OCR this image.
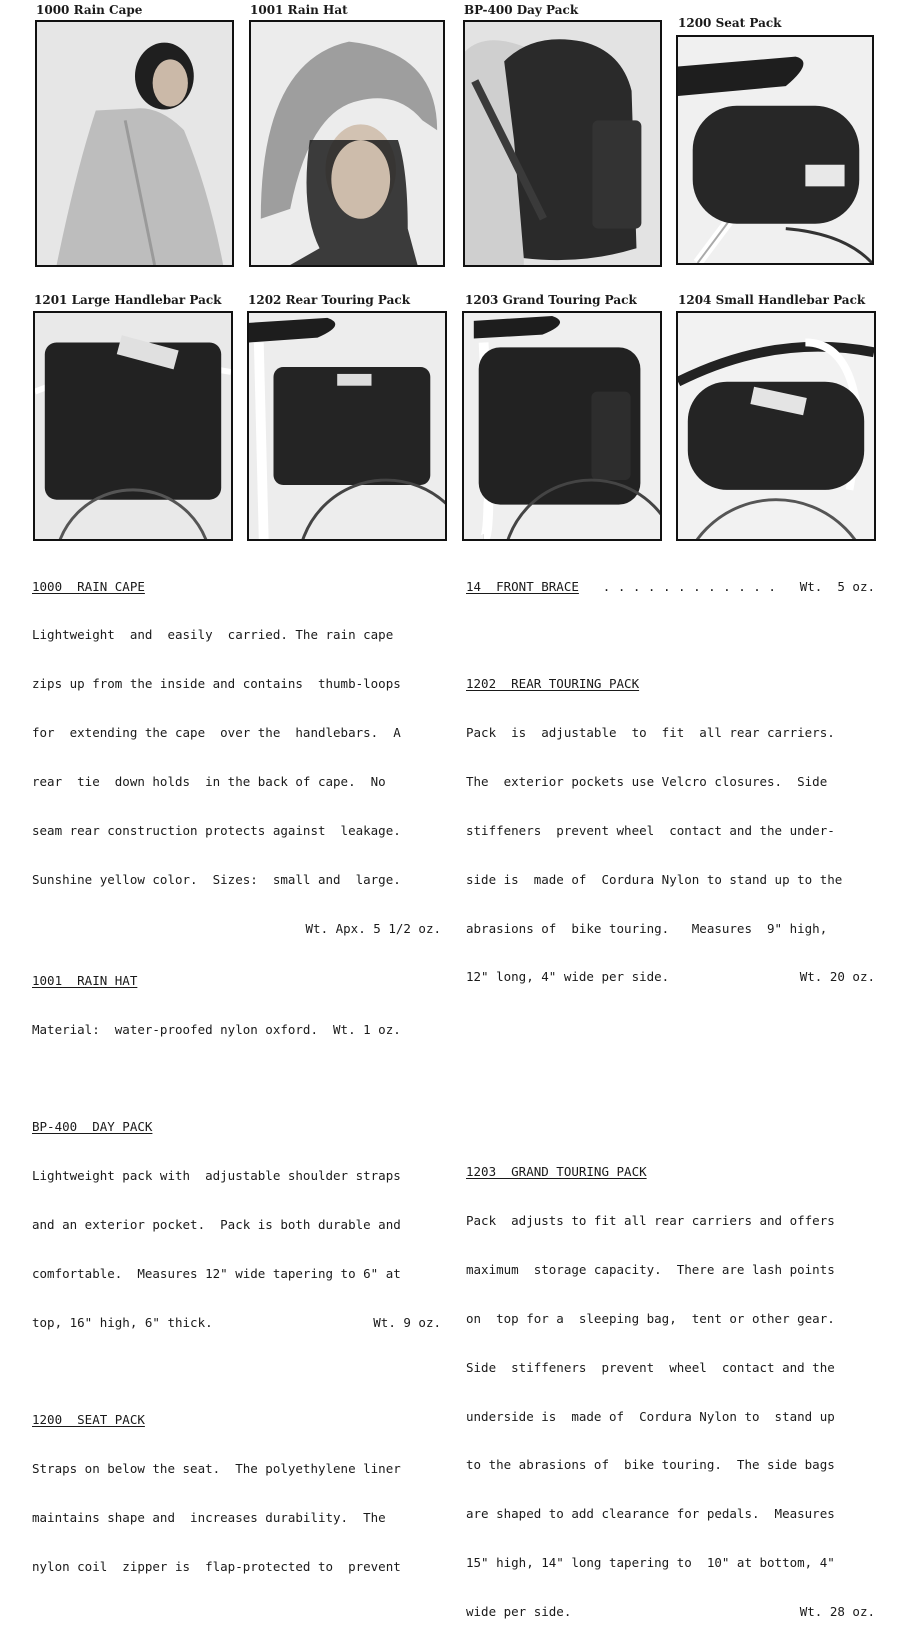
1000 Rain Cape	1001 Rain Hat	BP-400 Day Pack
1200 Seat Pack
1201 Large Handlebar Pack 1202 Rear Touring Pack	1203 Grand Touring Pack	1204 Small Handlebar Pack

1000  RAIN CAPE

Lightweight  and  easily  carried. The rain cape

zips up from the inside and contains  thumb-loops

for  extending the cape  over the  handlebars.  A

rear  tie  down holds  in the back of cape.  No

seam rear construction protects against  leakage.

Sunshine yellow color.  Sizes:  small and  large.

Wt. Apx. 5 1/2 oz.

1001  RAIN HAT

Material:  water-proofed nylon oxford.  Wt. 1 oz.

BP-400  DAY PACK

Lightweight pack with  adjustable shoulder straps

and an exterior pocket.  Pack is both durable and

comfortable.  Measures 12" wide tapering to 6" at

top, 16" high, 6" thick.	Wt. 9 oz.

1200  SEAT PACK

Straps on below the seat.  The polyethylene liner

maintains shape and  increases durability.  The

nylon coil  zipper is  flap-protected to  prevent

14  FRONT BRACE . . . . . . . . . . . . Wt.  5 oz.

1202  REAR TOURING PACK

Pack  is  adjustable  to  fit  all rear carriers.

The  exterior pockets use Velcro closures.  Side

stiffeners  prevent wheel  contact and the under-

side is  made of  Cordura Nylon to stand up to the

abrasions of  bike touring.   Measures  9" high,

12" long, 4" wide per side.	Wt. 20 oz.

1203  GRAND TOURING PACK

Pack  adjusts to fit all rear carriers and offers

maximum  storage capacity.  There are lash points

on  top for a  sleeping bag,  tent or other gear.

Side  stiffeners  prevent  wheel  contact and the

underside is  made of  Cordura Nylon to  stand up

to the abrasions of  bike touring.  The side bags

are shaped to add clearance for pedals.  Measures

15" high, 14" long tapering to  10" at bottom, 4"

wide per side.	Wt. 28 oz.
